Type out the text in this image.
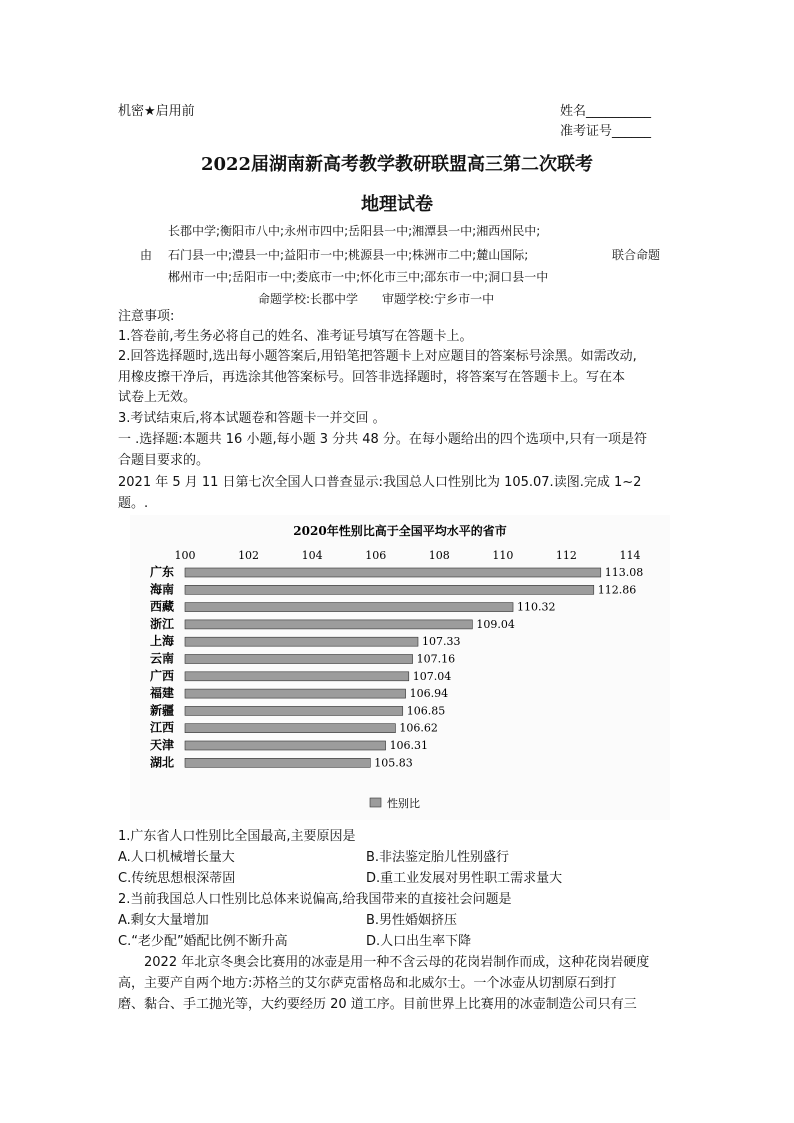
机密★启用前	姓名__________
准考证号______
2022届湖南新高考教学教研联盟高三第二次联考
地理试卷
长郡中学;衡阳市八中;永州市四中;岳阳县一中;湘潭县一中;湘西州民中;
由 石门县一中;澧县一中;益阳市一中;桃源县一中;株洲市二中;麓山国际;	联合命题
郴州市一中;岳阳市一中;娄底市一中;怀化市三中;邵东市一中;洞口县一中
命题学校:长郡中学　　审题学校:宁乡市一中
注意事项:
1.答卷前,考生务必将自己的姓名、准考证号填写在答题卡上。
2.回答选择题时,选出每小题答案后,用铅笔把答题卡上对应题目的答案标号涂黑。如需改动,
用橡皮擦干净后，再选涂其他答案标号。回答非选择题时，将答案写在答题卡上。写在本
试卷上无效。
3.考试结束后,将本试题卷和答题卡一并交回 。
一 .选择题:本题共 16 小题,每小题 3 分共 48 分。在每小题给出的四个选项中,只有一项是符
合题目要求的。
2021 年 5 月 11 日第七次全国人口普查显示:我国总人口性别比为 105.07.读图.完成 1~2
题。.
2020年性别比高于全国平均水平的省市
100	102	104	106	108	110	112	114
广东	113.08
海南	112.86
西藏	110.32
浙江	109.04
上海	107.33
云南	107.16
广西	107.04
福建	106.94
新疆	106.85
江西	106.62
天津	106.31
湖北	105.83
性别比
1.广东省人口性别比全国最高,主要原因是
A.人口机械增长量大	B.非法鉴定胎儿性别盛行
C.传统思想根深蒂固	D.重工业发展对男性职工需求量大
2.当前我国总人口性别比总体来说偏高,给我国带来的直接社会问题是
A.剩女大量增加	B.男性婚姻挤压
C.“老少配”婚配比例不断升高	D.人口出生率下降
　　2022 年北京冬奥会比赛用的冰壶是用一种不含云母的花岗岩制作而成，这种花岗岩硬度
高，主要产自两个地方:苏格兰的艾尔萨克雷格岛和北威尔士。一个冰壶从切割原石到打
磨、黏合、手工抛光等，大约要经历 20 道工序。目前世界上比赛用的冰壶制造公司只有三
